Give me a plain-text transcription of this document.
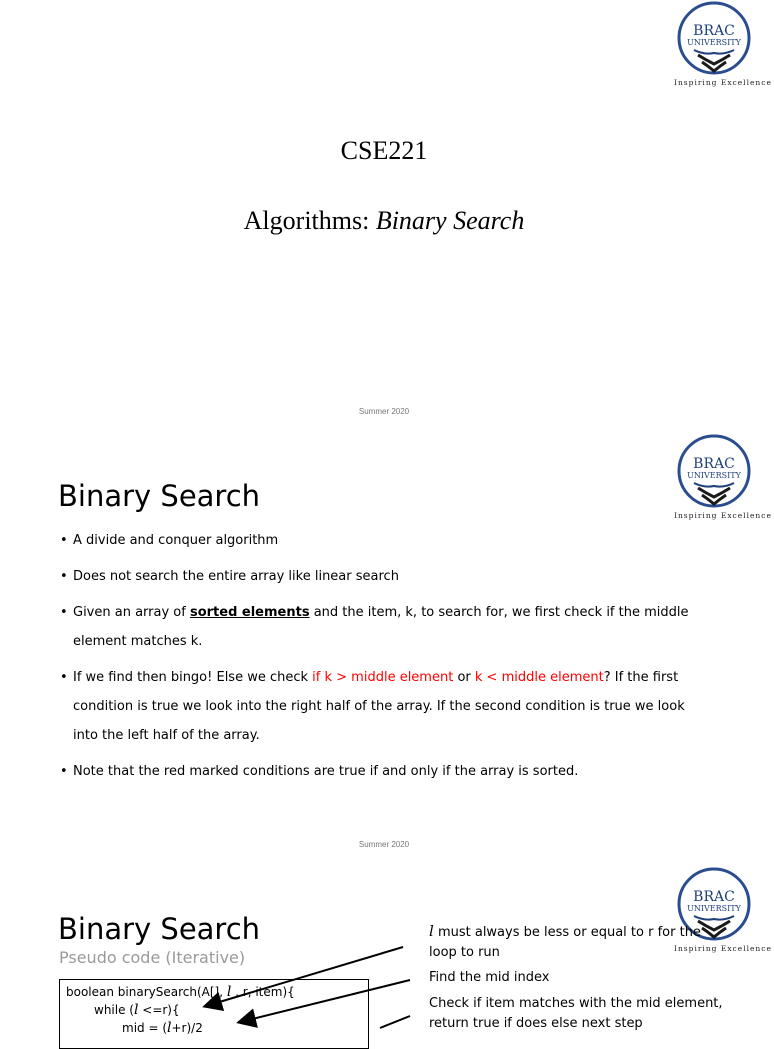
BRAC
UNIVERSITY
Inspiring Excellence
CSE221
Algorithms: Binary Search
Summer 2020
BRAC
UNIVERSITY
Inspiring Excellence
Binary Search
• A divide and conquer algorithm
• Does not search the entire array like linear search
• Given an array of sorted elements and the item, k, to search for, we first check if the middle element matches k.
• If we find then bingo! Else we check if k > middle element or k < middle element? If the first condition is true we look into the right half of the array. If the second condition is true we look into the left half of the array.
• Note that the red marked conditions are true if and only if the array is sorted.
Summer 2020
BRAC
UNIVERSITY
Inspiring Excellence
Binary Search
Pseudo code (Iterative)
boolean binarySearch(A[], l , r, item){
while (l <=r){
mid = (l+r)/2
l must always be less or equal to r for the loop to run
Find the mid index
Check if item matches with the mid element, return true if does else next step
